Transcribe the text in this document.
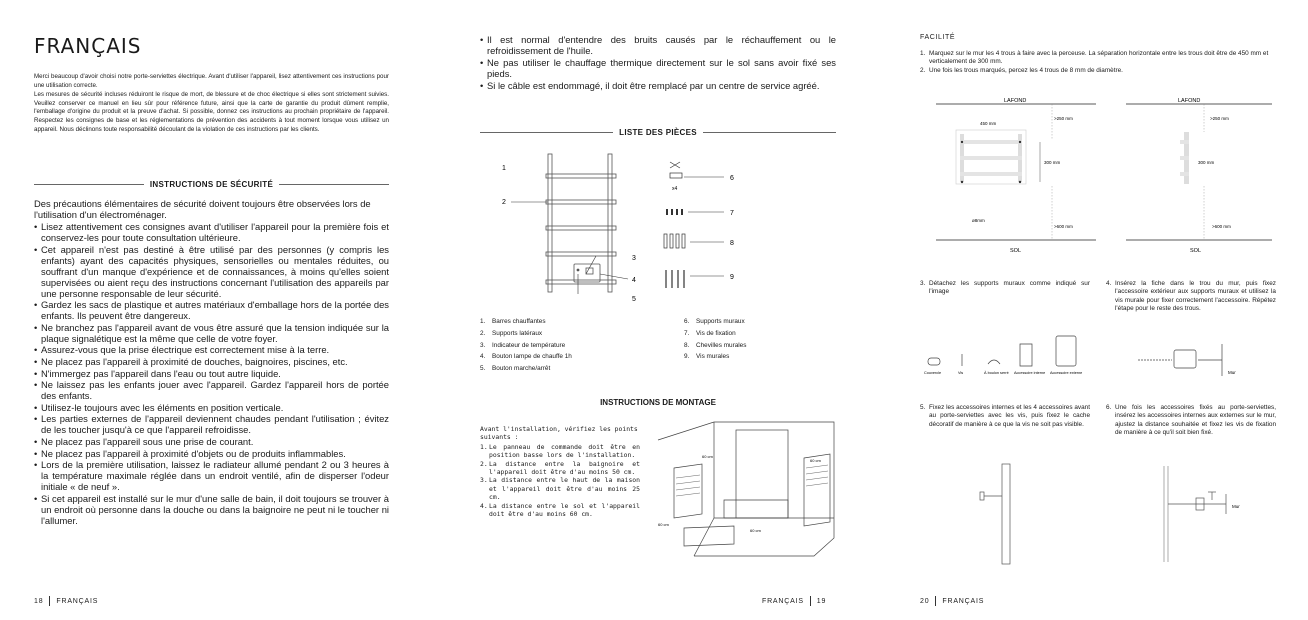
FRANÇAIS

Merci beaucoup d'avoir choisi notre porte-serviettes électrique. Avant d'utiliser l'appareil, lisez attentivement ces instructions pour une utilisation correcte.

Les mesures de sécurité incluses réduiront le risque de mort, de blessure et de choc électrique si elles sont strictement suivies. Veuillez conserver ce manuel en lieu sûr pour référence future, ainsi que la carte de garantie du produit dûment remplie, l'emballage d'origine du produit et la preuve d'achat. Si possible, donnez ces instructions au prochain propriétaire de l'appareil. Respectez les consignes de base et les réglementations de prévention des accidents à tout moment lorsque vous utilisez un appareil. Nous déclinons toute responsabilité découlant de la violation de ces instructions par les clients.

INSTRUCTIONS DE SÉCURITÉ
Des précautions élémentaires de sécurité doivent toujours être observées lors de l'utilisation d'un électroménager.
• Lisez attentivement ces consignes avant d'utiliser l'appareil pour la première fois et conservez-les pour toute consultation ultérieure.
• Cet appareil n'est pas destiné à être utilisé par des personnes (y compris les enfants) ayant des capacités physiques, sensorielles ou mentales réduites, ou souffrant d'un manque d'expérience et de connaissances, à moins qu'elles soient supervisées ou aient reçu des instructions concernant l'utilisation des appareils par une personne responsable de leur sécurité.
• Gardez les sacs de plastique et autres matériaux d'emballage hors de la portée des enfants. Ils peuvent être dangereux.
• Ne branchez pas l'appareil avant de vous être assuré que la tension indiquée sur la plaque signalétique est la même que celle de votre foyer.
• Assurez-vous que la prise électrique est correctement mise à la terre.
• Ne placez pas l'appareil à proximité de douches, baignoires, piscines, etc.
• N'immergez pas l'appareil dans l'eau ou tout autre liquide.
• Ne laissez pas les enfants jouer avec l'appareil. Gardez l'appareil hors de portée des enfants.
• Utilisez-le toujours avec les éléments en position verticale.
• Les parties externes de l'appareil deviennent chaudes pendant l'utilisation ; évitez de les toucher jusqu'à ce que l'appareil refroidisse.
• Ne placez pas l'appareil sous une prise de courant.
• Ne placez pas l'appareil à proximité d'objets ou de produits inflammables.
• Lors de la première utilisation, laissez le radiateur allumé pendant 2 ou 3 heures à la température maximale réglée dans un endroit ventilé, afin de disperser l'odeur initiale « de neuf ».
• Si cet appareil est installé sur le mur d'une salle de bain, il doit toujours se trouver à un endroit où personne dans la douche ou dans la baignoire ne peut ni le toucher ni l'allumer.
18 FRANÇAIS
• Il est normal d'entendre des bruits causés par le réchauffement ou le refroidissement de l'huile.
• Ne pas utiliser le chauffage thermique directement sur le sol sans avoir fixé ses pieds.
• Si le câble est endommagé, il doit être remplacé par un centre de service agréé.
LISTE DES PIÈCES
1
2
3
4
5
6
7
8
9
x4
1.	Barres chauffantes
2.	Supports latéraux
3.	Indicateur de température
4.	Bouton lampe de chauffe 1h
5.	Bouton marche/arrêt
6.	Supports muraux
7.	Vis de fixation
8.	Chevilles murales
9.	Vis murales
INSTRUCTIONS DE MONTAGE
Avant l'installation, vérifiez les points suivants :
1. Le panneau de commande doit être en position basse lors de l'installation.
2. La distance entre la baignoire et l'appareil doit être d'au moins 50 cm.
3. La distance entre le haut de la maison et l'appareil doit être d'au moins 25 cm.
4. La distance entre le sol et l'appareil doit être d'au moins 60 cm.
60 cm
60 cm
60 cm
60 cm
FRANÇAIS 19
FACILITÉ
1. Marquez sur le mur les 4 trous à faire avec la perceuse. La séparation horizontale entre les trous doit être de 450 mm et verticalement de 300 mm.
2. Une fois les trous marqués, percez les 4 trous de 8 mm de diamètre.
LAFOND
450 mm
>250 mm
300 mm
ø8mm
>600 mm
SOL
LAFOND
>250 mm
300 mm
>600 mm
SOL
3. Détachez les supports muraux comme indiqué sur l'image
4. Insérez la fiche dans le trou du mur, puis fixez l'accessoire extérieur aux supports muraux et utilisez la vis murale pour fixer correctement l'accessoire. Répétez l'étape pour le reste des trous.
Couvercle	Vis	À boulon serré Accessoire interne Accessoire externe	Mur
5. Fixez les accessoires internes et les 4 accessoires avant au porte-serviettes avec les vis, puis fixez le cache décoratif de manière à ce que la vis ne soit pas visible.
6. Une fois les accessoires fixés au porte-serviettes, insérez les accessoires internes aux externes sur le mur, ajustez la distance souhaitée et fixez les vis de fixation de manière à ce qu'il soit bien fixé.
Mur
20 FRANÇAIS
